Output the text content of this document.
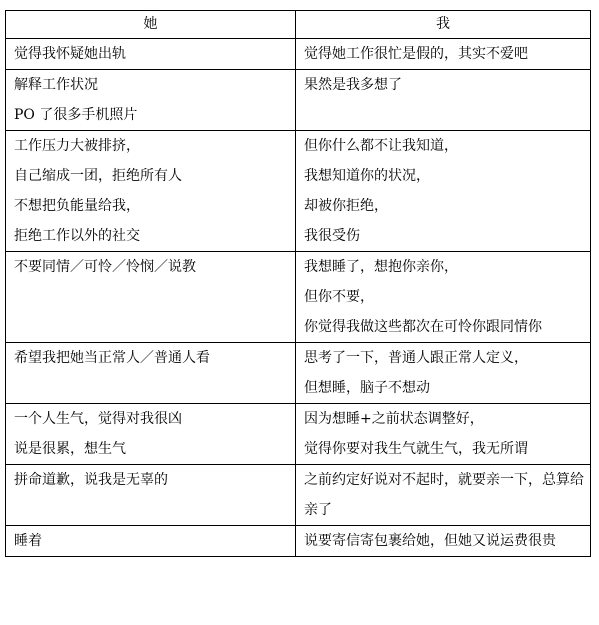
她	我

觉得我怀疑她出轨	觉得她工作很忙是假的，其实不爱吧

解释工作状况
PO 了很多手机照片	果然是我多想了

工作压力大被排挤，
自己缩成一团，拒绝所有人
不想把负能量给我，
拒绝工作以外的社交	但你什么都不让我知道，
我想知道你的状况，
却被你拒绝，
我很受伤

不要同情／可怜／怜悯／说教	我想睡了，想抱你亲你，
但你不要，
你觉得我做这些都次在可怜你跟同情你

希望我把她当正常人／普通人看	思考了一下，普通人跟正常人定义，
但想睡，脑子不想动

一个人生气，觉得对我很凶
说是很累，想生气	因为想睡+之前状态调整好，
觉得你要对我生气就生气，我无所谓

拼命道歉，说我是无辜的	之前约定好说对不起时，就要亲一下，总算给亲了

睡着	说要寄信寄包裹给她，但她又说运费很贵
